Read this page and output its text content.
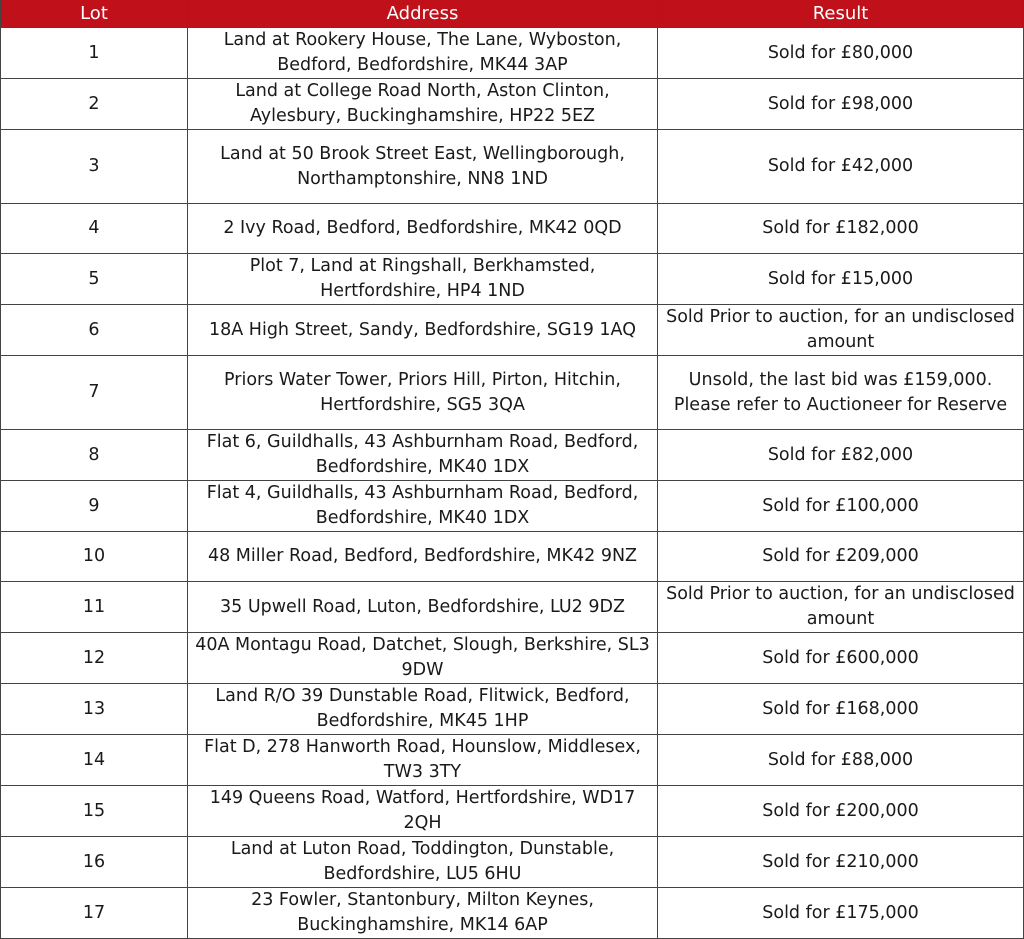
Lot	Address	Result
1	Land at Rookery House, The Lane, Wyboston, Bedford, Bedfordshire, MK44 3AP	Sold for £80,000
2	Land at College Road North, Aston Clinton, Aylesbury, Buckinghamshire, HP22 5EZ	Sold for £98,000
3	Land at 50 Brook Street East, Wellingborough, Northamptonshire, NN8 1ND	Sold for £42,000
4	2 Ivy Road, Bedford, Bedfordshire, MK42 0QD	Sold for £182,000
5	Plot 7, Land at Ringshall, Berkhamsted, Hertfordshire, HP4 1ND	Sold for £15,000
6	18A High Street, Sandy, Bedfordshire, SG19 1AQ	Sold Prior to auction, for an undisclosed amount
7	Priors Water Tower, Priors Hill, Pirton, Hitchin, Hertfordshire, SG5 3QA	Unsold, the last bid was £159,000. Please refer to Auctioneer for Reserve
8	Flat 6, Guildhalls, 43 Ashburnham Road, Bedford, Bedfordshire, MK40 1DX	Sold for £82,000
9	Flat 4, Guildhalls, 43 Ashburnham Road, Bedford, Bedfordshire, MK40 1DX	Sold for £100,000
10	48 Miller Road, Bedford, Bedfordshire, MK42 9NZ	Sold for £209,000
11	35 Upwell Road, Luton, Bedfordshire, LU2 9DZ	Sold Prior to auction, for an undisclosed amount
12	40A Montagu Road, Datchet, Slough, Berkshire, SL3 9DW	Sold for £600,000
13	Land R/O 39 Dunstable Road, Flitwick, Bedford, Bedfordshire, MK45 1HP	Sold for £168,000
14	Flat D, 278 Hanworth Road, Hounslow, Middlesex, TW3 3TY	Sold for £88,000
15	149 Queens Road, Watford, Hertfordshire, WD17 2QH	Sold for £200,000
16	Land at Luton Road, Toddington, Dunstable, Bedfordshire, LU5 6HU	Sold for £210,000
17	23 Fowler, Stantonbury, Milton Keynes, Buckinghamshire, MK14 6AP	Sold for £175,000
